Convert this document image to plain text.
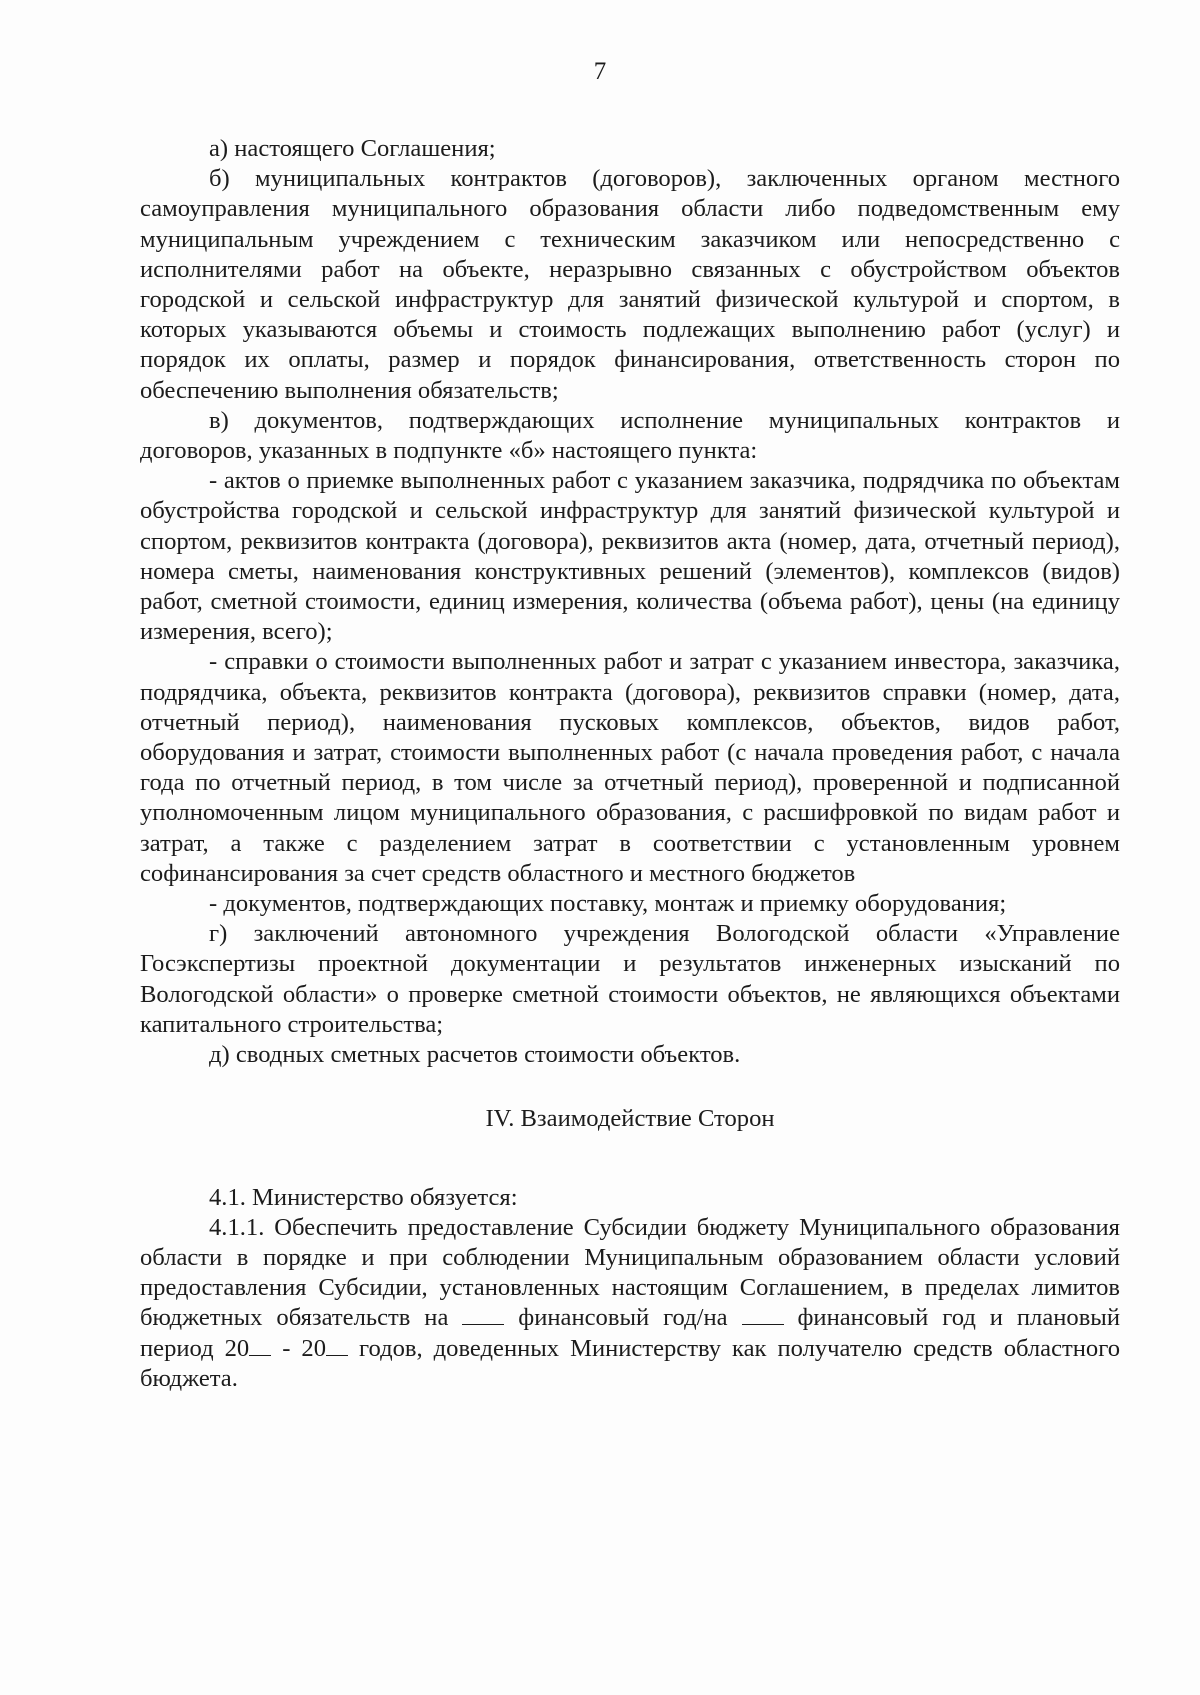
7

а) настоящего Соглашения;

б) муниципальных контрактов (договоров), заключенных органом местного самоуправления муниципального образования области либо подведомственным ему муниципальным учреждением с техническим заказчиком или непосредственно с исполнителями работ на объекте, неразрывно связанных с обустройством объектов городской и сельской инфраструктур для занятий физической культурой и спортом, в которых указываются объемы и стоимость подлежащих выполнению работ (услуг) и порядок их оплаты, размер и порядок финансирования, ответственность сторон по обеспечению выполнения обязательств;

в) документов, подтверждающих исполнение муниципальных контрактов и договоров, указанных в подпункте «б» настоящего пункта:

- актов о приемке выполненных работ с указанием заказчика, подрядчика по объектам обустройства городской и сельской инфраструктур для занятий физической культурой и спортом, реквизитов контракта (договора), реквизитов акта (номер, дата, отчетный период), номера сметы, наименования конструктивных решений (элементов), комплексов (видов) работ, сметной стоимости, единиц измерения, количества (объема работ), цены (на единицу измерения, всего);

- справки о стоимости выполненных работ и затрат с указанием инвестора, заказчика, подрядчика, объекта, реквизитов контракта (договора), реквизитов справки (номер, дата, отчетный период), наименования пусковых комплексов, объектов, видов работ, оборудования и затрат, стоимости выполненных работ (с начала проведения работ, с начала года по отчетный период, в том числе за отчетный период), проверенной и подписанной уполномоченным лицом муниципального образования, с расшифровкой по видам работ и затрат, а также с разделением затрат в соответствии с установленным уровнем софинансирования за счет средств областного и местного бюджетов

- документов, подтверждающих поставку, монтаж и приемку оборудования;

г) заключений автономного учреждения Вологодской области «Управление Госэкспертизы проектной документации и результатов инженерных изысканий по Вологодской области» о проверке сметной стоимости объектов, не являющихся объектами капитального строительства;

д) сводных сметных расчетов стоимости объектов.

IV. Взаимодействие Сторон

4.1. Министерство обязуется:

4.1.1. Обеспечить предоставление Субсидии бюджету Муниципального образования области в порядке и при соблюдении Муниципальным образованием области условий предоставления Субсидии, установленных настоящим Соглашением, в пределах лимитов бюджетных обязательств на	финансовый год/на	финансовый год и плановый период 20 - 20 годов, доведенных Министерству как получателю средств областного бюджета.
